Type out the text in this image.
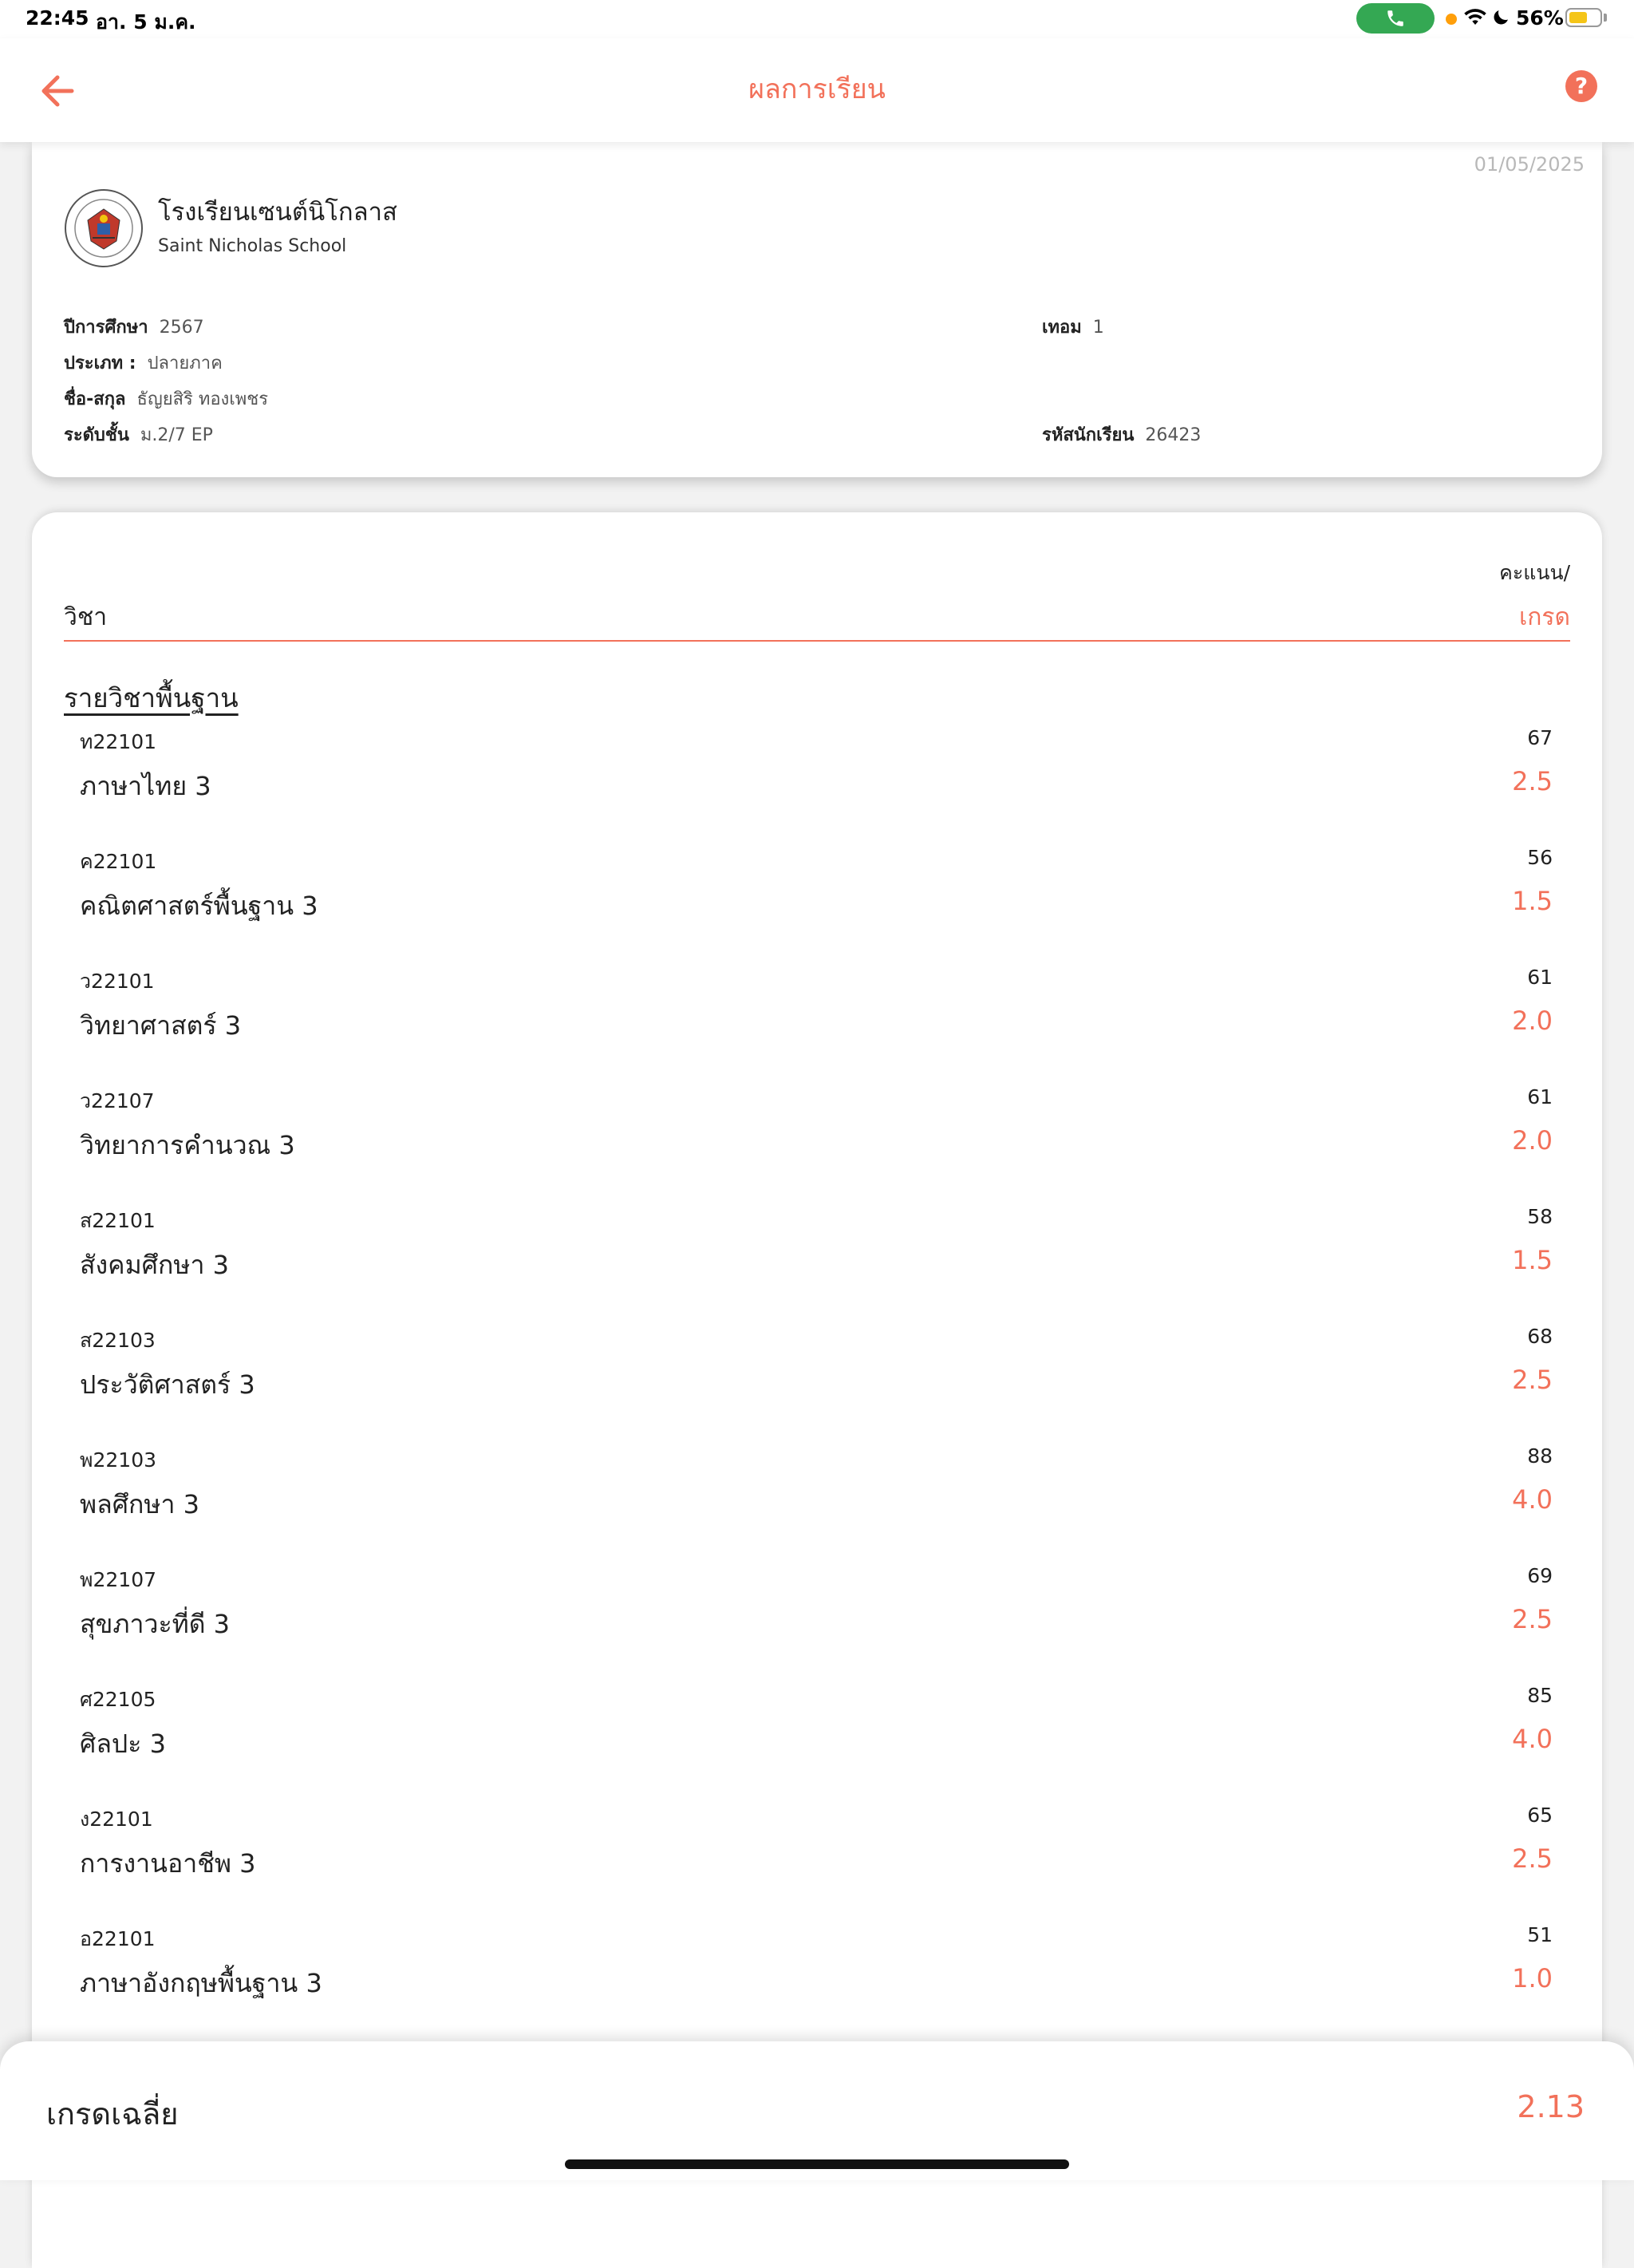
22:45 อา. 5 ม.ค.	56%
ผลการเรียน	?
01/05/2025
โรงเรียนเซนต์นิโกลาส
Saint Nicholas School
ปีการศึกษา 2567	เทอม 1
ประเภท : ปลายภาค
ชื่อ-สกุล ธัญยสิริ ทองเพชร
ระดับชั้น ม.2/7 EP	รหัสนักเรียน 26423
คะแนน/
วิชา	เกรด
รายวิชาพื้นฐาน
ท22101	67
ภาษาไทย 3	2.5
ค22101	56
คณิตศาสตร์พื้นฐาน 3	1.5
ว22101	61
วิทยาศาสตร์ 3	2.0
ว22107	61
วิทยาการคำนวณ 3	2.0
ส22101	58
สังคมศึกษา 3	1.5
ส22103	68
ประวัติศาสตร์ 3	2.5
พ22103	88
พลศึกษา 3	4.0
พ22107	69
สุขภาวะที่ดี 3	2.5
ศ22105	85
ศิลปะ 3	4.0
ง22101	65
การงานอาชีพ 3	2.5
อ22101	51
ภาษาอังกฤษพื้นฐาน 3	1.0
เกรดเฉลี่ย	2.13
